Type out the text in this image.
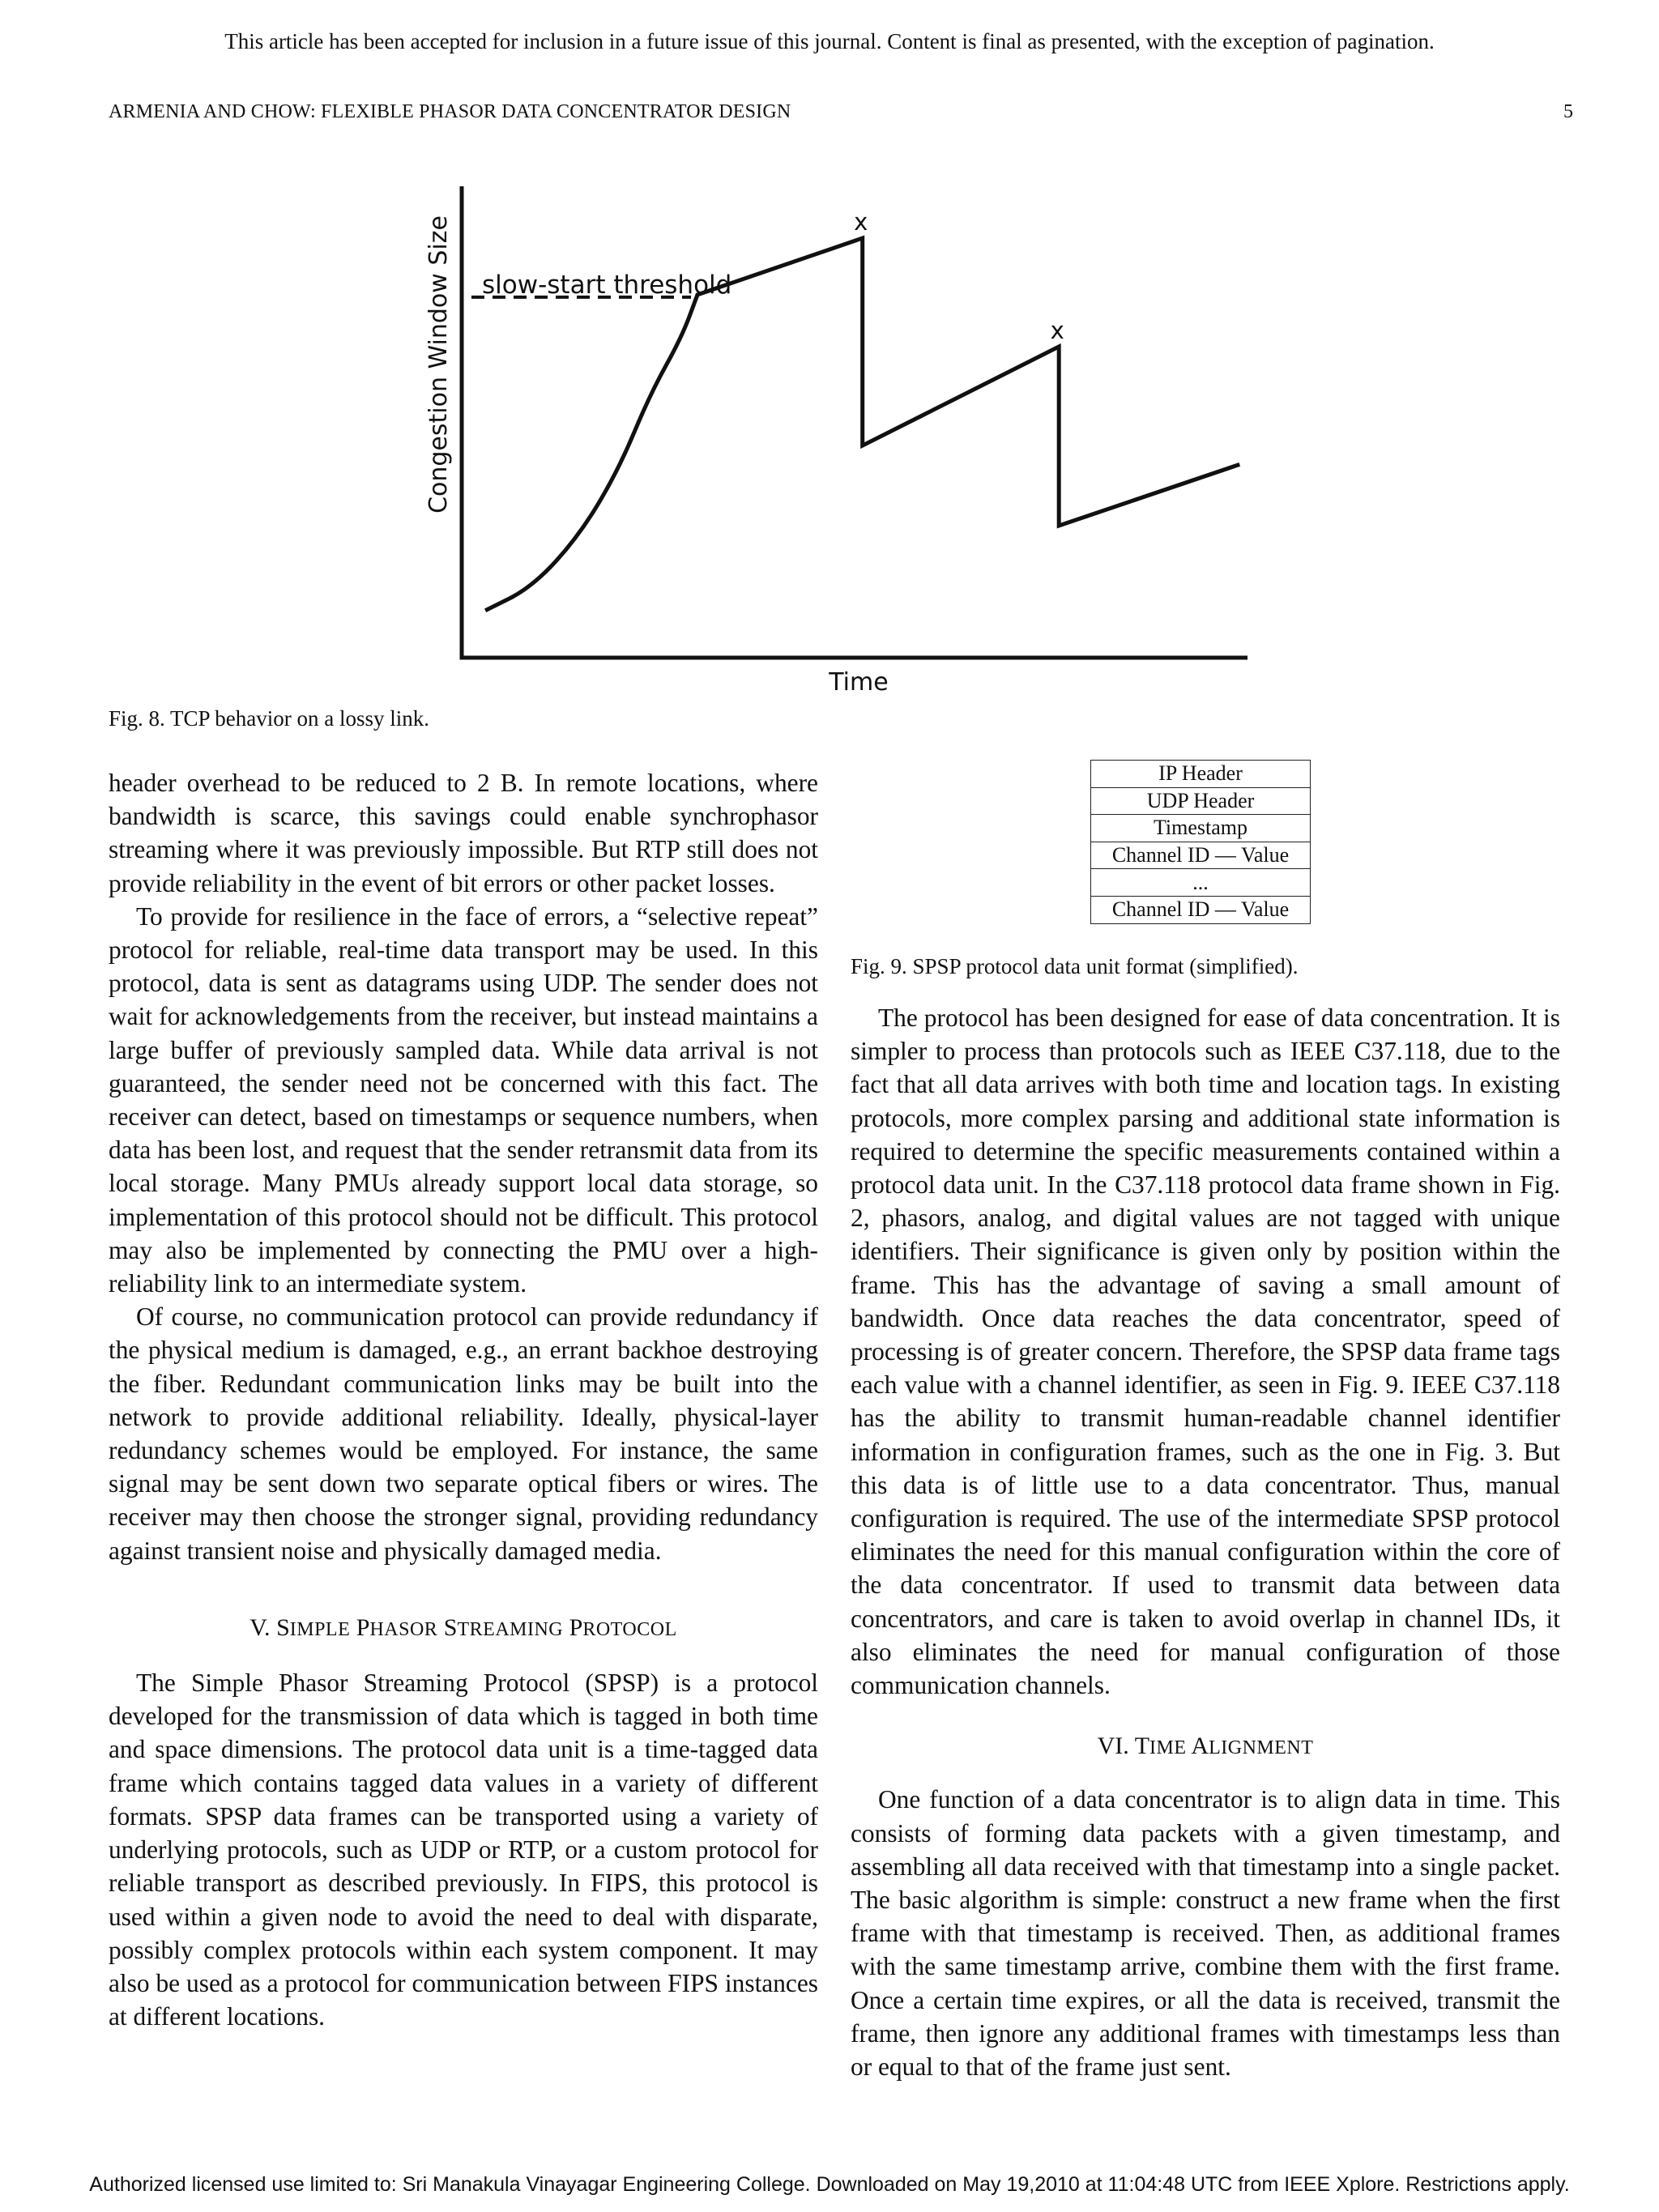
This article has been accepted for inclusion in a future issue of this journal. Content is final as presented, with the exception of pagination.
ARMENIA AND CHOW: FLEXIBLE PHASOR DATA CONCENTRATOR DESIGN	5
slow-start threshold
x
x
Time
Congestion Window Size
Fig. 8. TCP behavior on a lossy link.
IP Header
UDP Header
Timestamp
Channel ID — Value
...
Channel ID — Value
Fig. 9. SPSP protocol data unit format (simplified).

header overhead to be reduced to 2 B. In remote locations, where bandwidth is scarce, this savings could enable synchrophasor streaming where it was previously impossible. But RTP still does not provide reliability in the event of bit errors or other packet losses.

To provide for resilience in the face of errors, a “selective repeat” protocol for reliable, real-time data transport may be used. In this protocol, data is sent as datagrams using UDP. The sender does not wait for acknowledgements from the receiver, but instead maintains a large buffer of previously sampled data. While data arrival is not guaranteed, the sender need not be concerned with this fact. The receiver can detect, based on timestamps or sequence numbers, when data has been lost, and request that the sender retransmit data from its local storage. Many PMUs already support local data storage, so implementation of this protocol should not be difficult. This protocol may also be implemented by connecting the PMU over a high-reliability link to an intermediate system.

Of course, no communication protocol can provide redundancy if the physical medium is damaged, e.g., an errant backhoe destroying the fiber. Redundant communication links may be built into the network to provide additional reliability. Ideally, physical-layer redundancy schemes would be employed. For instance, the same signal may be sent down two separate optical fibers or wires. The receiver may then choose the stronger signal, providing redundancy against transient noise and physically damaged media.

V. SIMPLE PHASOR STREAMING PROTOCOL

The Simple Phasor Streaming Protocol (SPSP) is a protocol developed for the transmission of data which is tagged in both time and space dimensions. The protocol data unit is a time-tagged data frame which contains tagged data values in a variety of different formats. SPSP data frames can be transported using a variety of underlying protocols, such as UDP or RTP, or a custom protocol for reliable transport as described previously. In FIPS, this protocol is used within a given node to avoid the need to deal with disparate, possibly complex protocols within each system component. It may also be used as a protocol for communication between FIPS instances at different locations.

The protocol has been designed for ease of data concentration. It is simpler to process than protocols such as IEEE C37.118, due to the fact that all data arrives with both time and location tags. In existing protocols, more complex parsing and additional state information is required to determine the specific measurements contained within a protocol data unit. In the C37.118 protocol data frame shown in Fig. 2, phasors, analog, and digital values are not tagged with unique identifiers. Their significance is given only by position within the frame. This has the advantage of saving a small amount of bandwidth. Once data reaches the data concentrator, speed of processing is of greater concern. Therefore, the SPSP data frame tags each value with a channel identifier, as seen in Fig. 9. IEEE C37.118 has the ability to transmit human-readable channel identifier information in configuration frames, such as the one in Fig. 3. But this data is of little use to a data concentrator. Thus, manual configuration is required. The use of the intermediate SPSP protocol eliminates the need for this manual configuration within the core of the data concentrator. If used to transmit data between data concentrators, and care is taken to avoid overlap in channel IDs, it also eliminates the need for manual configuration of those communication channels.

VI. TIME ALIGNMENT

One function of a data concentrator is to align data in time. This consists of forming data packets with a given timestamp, and assembling all data received with that timestamp into a single packet. The basic algorithm is simple: construct a new frame when the first frame with that timestamp is received. Then, as additional frames with the same timestamp arrive, combine them with the first frame. Once a certain time expires, or all the data is received, transmit the frame, then ignore any additional frames with timestamps less than or equal to that of the frame just sent.

Authorized licensed use limited to: Sri Manakula Vinayagar Engineering College. Downloaded on May 19,2010 at 11:04:48 UTC from IEEE Xplore. Restrictions apply.
